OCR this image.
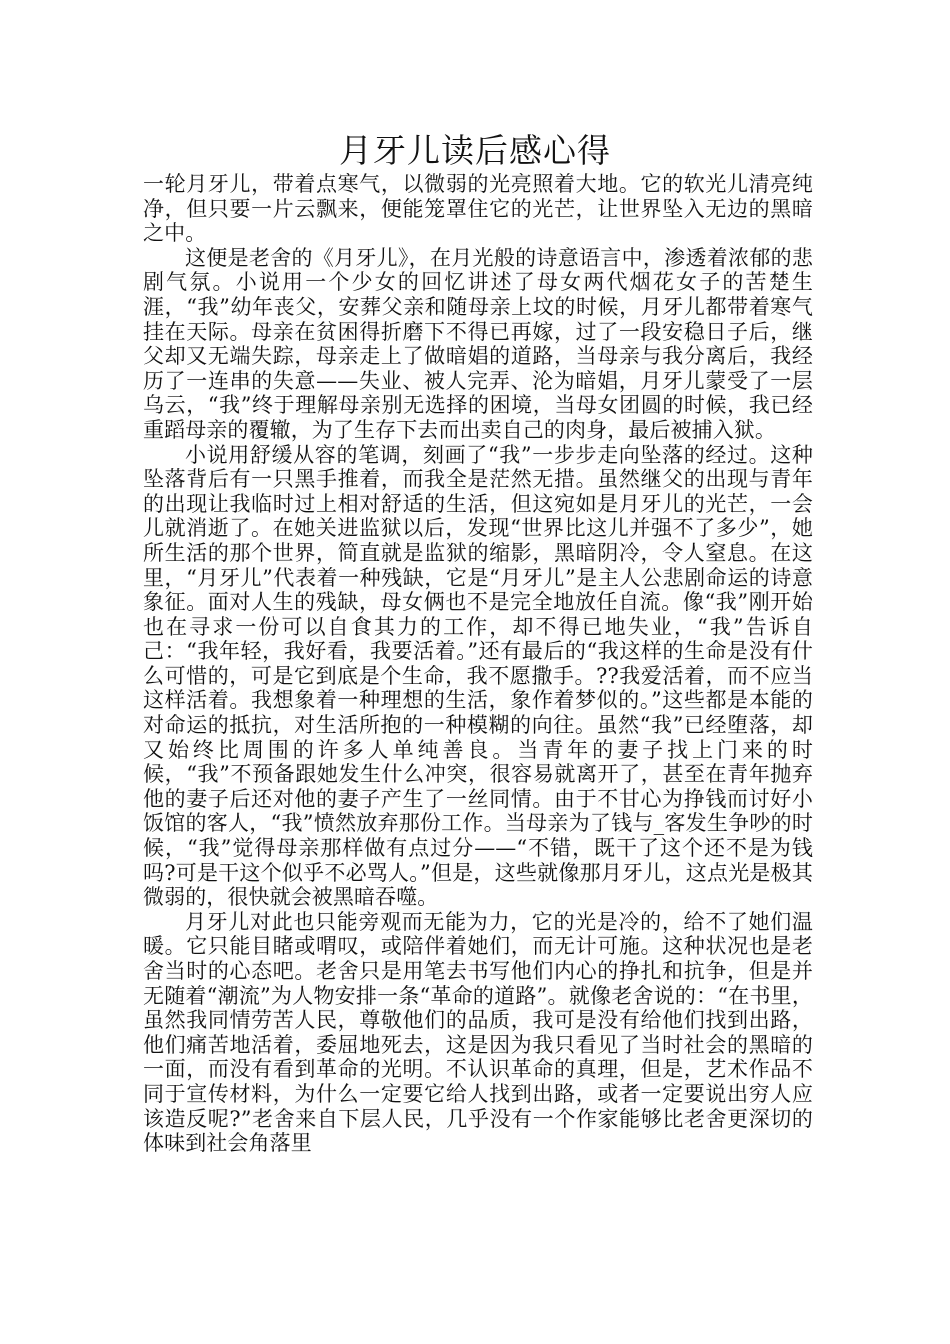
月牙儿读后感心得

一轮月牙儿，带着点寒气，以微弱的光亮照着大地。它的软光儿清亮纯净，但只要一片云飘来，便能笼罩住它的光芒，让世界坠入无边的黑暗之中。

这便是老舍的《月牙儿》，在月光般的诗意语言中，渗透着浓郁的悲剧气氛。小说用一个少女的回忆讲述了母女两代烟花女子的苦楚生涯，“我”幼年丧父，安葬父亲和随母亲上坟的时候，月牙儿都带着寒气挂在天际。母亲在贫困得折磨下不得已再嫁，过了一段安稳日子后，继父却又无端失踪，母亲走上了做暗娼的道路，当母亲与我分离后，我经历了一连串的失意——失业、被人完弄、沦为暗娼，月牙儿蒙受了一层乌云，“我”终于理解母亲别无选择的困境，当母女团圆的时候，我已经重蹈母亲的覆辙，为了生存下去而出卖自己的肉身，最后被捕入狱。

小说用舒缓从容的笔调，刻画了“我”一步步走向坠落的经过。这种坠落背后有一只黑手推着，而我全是茫然无措。虽然继父的出现与青年的出现让我临时过上相对舒适的生活，但这宛如是月牙儿的光芒，一会儿就消逝了。在她关进监狱以后，发现“世界比这儿并强不了多少”，她所生活的那个世界，简直就是监狱的缩影，黑暗阴冷，令人窒息。在这里，“月牙儿”代表着一种残缺，它是“月牙儿”是主人公悲剧命运的诗意象征。面对人生的残缺，母女俩也不是完全地放任自流。像“我”刚开始也在寻求一份可以自食其力的工作，却不得已地失业，“我”告诉自己：“我年轻，我好看，我要活着。”还有最后的“我这样的生命是没有什么可惜的，可是它到底是个生命，我不愿撒手。??我爱活着，而不应当这样活着。我想象着一种理想的生活，象作着梦似的。”这些都是本能的对命运的抵抗，对生活所抱的一种模糊的向往。虽然“我”已经堕落，却又始终比周围的许多人单纯善良。当青年的妻子找上门来的时候，“我”不预备跟她发生什么冲突，很容易就离开了，甚至在青年抛弃他的妻子后还对他的妻子产生了一丝同情。由于不甘心为挣钱而讨好小饭馆的客人，“我”愤然放弃那份工作。当母亲为了钱与_客发生争吵的时候，“我”觉得母亲那样做有点过分——“不错，既干了这个还不是为钱吗?可是干这个似乎不必骂人。”但是，这些就像那月牙儿，这点光是极其微弱的，很快就会被黑暗吞噬。

月牙儿对此也只能旁观而无能为力，它的光是冷的，给不了她们温暖。它只能目睹或喟叹，或陪伴着她们，而无计可施。这种状况也是老舍当时的心态吧。老舍只是用笔去书写他们内心的挣扎和抗争，但是并无随着“潮流”为人物安排一条“革命的道路”。就像老舍说的：“在书里，虽然我同情劳苦人民，尊敬他们的品质，我可是没有给他们找到出路，他们痛苦地活着，委屈地死去，这是因为我只看见了当时社会的黑暗的一面，而没有看到革命的光明。不认识革命的真理，但是，艺术作品不同于宣传材料，为什么一定要它给人找到出路，或者一定要说出穷人应该造反呢?”老舍来自下层人民，几乎没有一个作家能够比老舍更深切的体味到社会角落里
